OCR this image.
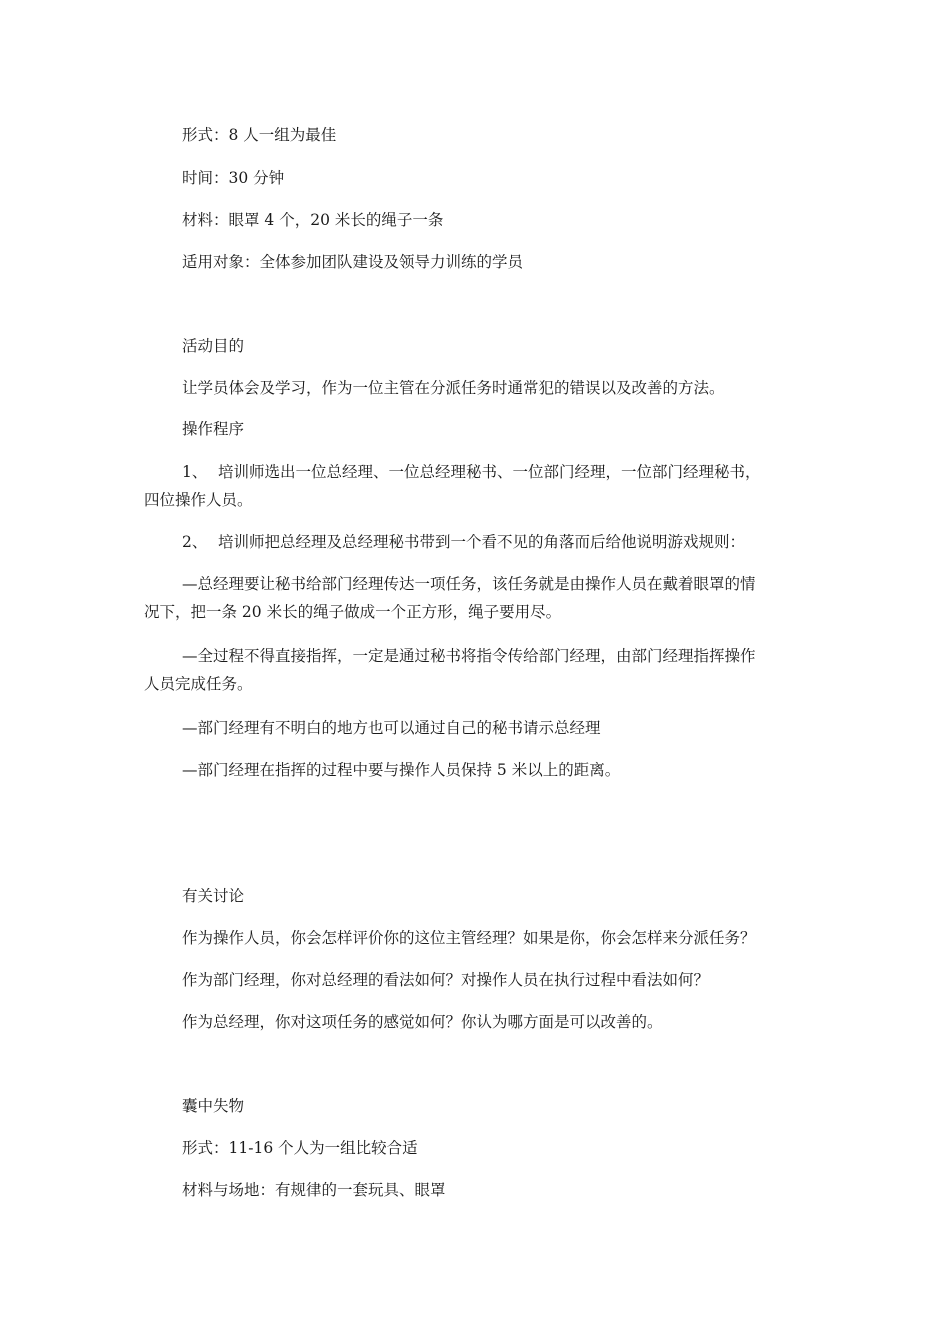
形式：8 人一组为最佳
时间：30 分钟
材料：眼罩 4 个，20 米长的绳子一条
适用对象：全体参加团队建设及领导力训练的学员
活动目的
让学员体会及学习，作为一位主管在分派任务时通常犯的错误以及改善的方法。
操作程序
1、 培训师选出一位总经理、一位总经理秘书、一位部门经理，一位部门经理秘书，
四位操作人员。
2、 培训师把总经理及总经理秘书带到一个看不见的角落而后给他说明游戏规则：
—总经理要让秘书给部门经理传达一项任务，该任务就是由操作人员在戴着眼罩的情
况下，把一条 20 米长的绳子做成一个正方形，绳子要用尽。
—全过程不得直接指挥，一定是通过秘书将指令传给部门经理，由部门经理指挥操作
人员完成任务。
—部门经理有不明白的地方也可以通过自己的秘书请示总经理
—部门经理在指挥的过程中要与操作人员保持 5 米以上的距离。
有关讨论
作为操作人员，你会怎样评价你的这位主管经理？如果是你，你会怎样来分派任务？
作为部门经理，你对总经理的看法如何？对操作人员在执行过程中看法如何？
作为总经理，你对这项任务的感觉如何？你认为哪方面是可以改善的。
囊中失物
形式：11-16 个人为一组比较合适
材料与场地：有规律的一套玩具、眼罩
